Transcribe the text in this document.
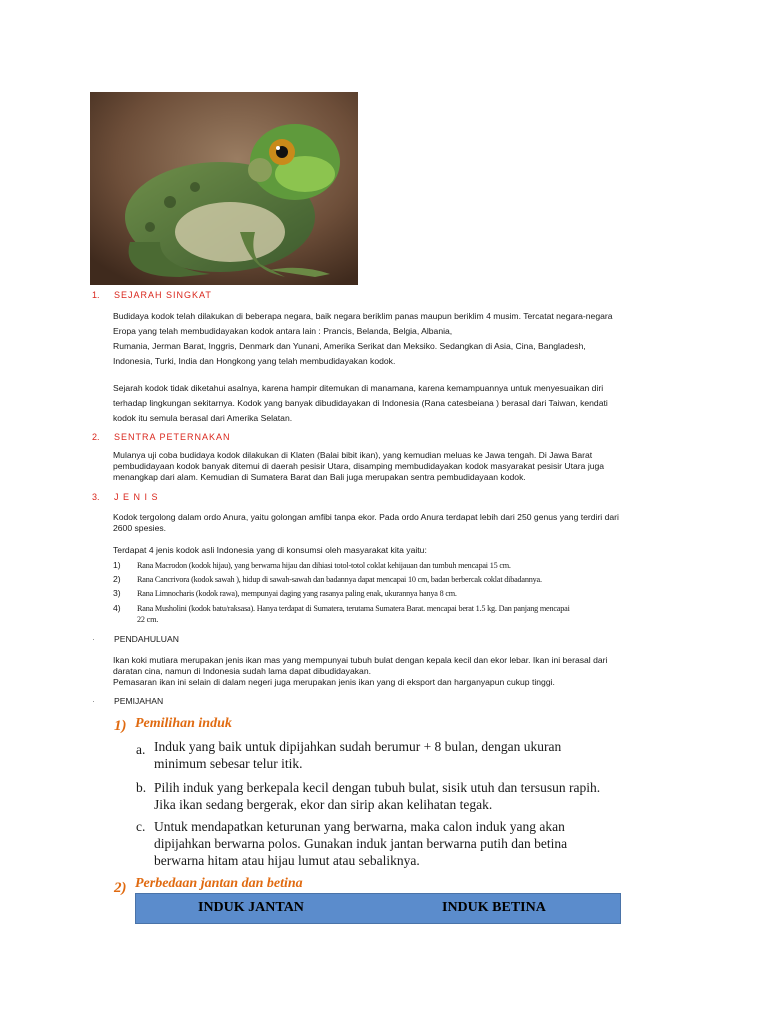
1. SEJARAH SINGKAT
Budidaya kodok telah dilakukan di beberapa negara, baik negara beriklim panas maupun beriklim 4 musim. Tercatat negara-negara
Eropa yang telah membudidayakan kodok antara lain : Prancis, Belanda, Belgia, Albania,
Rumania, Jerman Barat, Inggris, Denmark dan Yunani, Amerika Serikat dan Meksiko. Sedangkan di Asia, Cina, Bangladesh,
Indonesia, Turki, India dan Hongkong yang telah membudidayakan kodok.
Sejarah kodok tidak diketahui asalnya, karena hampir ditemukan di manamana, karena kemampuannya untuk menyesuaikan diri
terhadap lingkungan sekitarnya. Kodok yang banyak dibudidayakan di Indonesia (Rana catesbeiana ) berasal dari Taiwan, kendati
kodok itu semula berasal dari Amerika Selatan.
2. SENTRA PETERNAKAN
Mulanya uji coba budidaya kodok dilakukan di Klaten (Balai bibit ikan), yang kemudian meluas ke Jawa tengah. Di Jawa Barat
pembudidayaan kodok banyak ditemui di daerah pesisir Utara, disamping membudidayakan kodok masyarakat pesisir Utara juga
menangkap dari alam. Kemudian di Sumatera Barat dan Bali juga merupakan sentra pembudidayaan kodok.
3. J E N I S
Kodok tergolong dalam ordo Anura, yaitu golongan amfibi tanpa ekor. Pada ordo Anura terdapat lebih dari 250 genus yang terdiri dari
2600 spesies.
Terdapat 4 jenis kodok asli Indonesia yang di konsumsi oleh masyarakat kita yaitu:
1) Rana Macrodon (kodok hijau), yang berwarna hijau dan dihiasi totol-totol coklat kehijauan dan tumbuh mencapai 15 cm.
2) Rana Cancrivora (kodok sawah ), hidup di sawah-sawah dan badannya dapat mencapai 10 cm, badan berbercak coklat dibadannya.
3) Rana Limnocharis (kodok rawa), mempunyai daging yang rasanya paling enak, ukurannya hanya 8 cm.
4) Rana Musholini (kodok batu/raksasa). Hanya terdapat di Sumatera, terutama Sumatera Barat. mencapai berat 1.5 kg. Dan panjang mencapai
22 cm.
· PENDAHULUAN
Ikan koki mutiara merupakan jenis ikan mas yang mempunyai tubuh bulat dengan kepala kecil dan ekor lebar. Ikan ini berasal dari
daratan cina, namun di Indonesia sudah lama dapat dibudidayakan.
Pemasaran ikan ini selain di dalam negeri juga merupakan jenis ikan yang di eksport dan harganyapun cukup tinggi.
· PEMIJAHAN
1) Pemilihan induk
a. Induk yang baik untuk dipijahkan sudah berumur + 8 bulan, dengan ukuran
minimum sebesar telur itik.
b. Pilih induk yang berkepala kecil dengan tubuh bulat, sisik utuh dan tersusun rapih.
Jika ikan sedang bergerak, ekor dan sirip akan kelihatan tegak.
c. Untuk mendapatkan keturunan yang berwarna, maka calon induk yang akan
dipijahkan berwarna polos. Gunakan induk jantan berwarna putih dan betina
berwarna hitam atau hijau lumut atau sebaliknya.
2) Perbedaan jantan dan betina
INDUK JANTAN	INDUK BETINA
